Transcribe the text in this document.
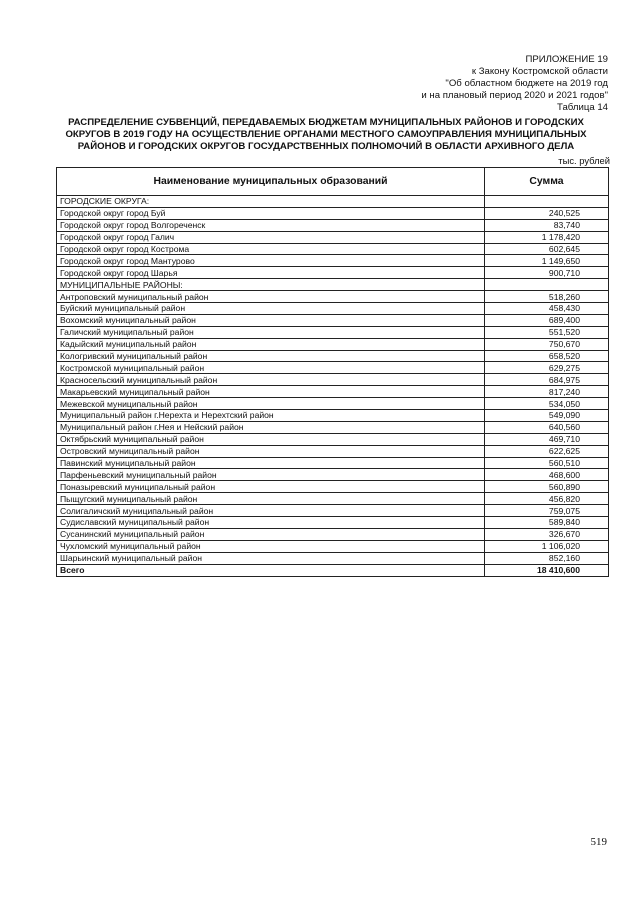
ПРИЛОЖЕНИЕ 19
к Закону Костромской области
"Об областном бюджете на 2019 год
и на плановый период 2020 и 2021 годов"
Таблица 14
РАСПРЕДЕЛЕНИЕ СУБВЕНЦИЙ, ПЕРЕДАВАЕМЫХ БЮДЖЕТАМ МУНИЦИПАЛЬНЫХ РАЙОНОВ И ГОРОДСКИХ
ОКРУГОВ В 2019 ГОДУ НА ОСУЩЕСТВЛЕНИЕ ОРГАНАМИ МЕСТНОГО САМОУПРАВЛЕНИЯ МУНИЦИПАЛЬНЫХ
РАЙОНОВ И ГОРОДСКИХ ОКРУГОВ ГОСУДАРСТВЕННЫХ ПОЛНОМОЧИЙ В ОБЛАСТИ АРХИВНОГО ДЕЛА
тыс. рублей
Наименование муниципальных образований	Сумма
ГОРОДСКИЕ ОКРУГА:	
Городской округ город Буй	240,525
Городской округ город Волгореченск	83,740
Городской округ город Галич	1 178,420
Городской округ город Кострома	602,645
Городской округ город Мантурово	1 149,650
Городской округ город Шарья	900,710
МУНИЦИПАЛЬНЫЕ РАЙОНЫ:	
Антроповский муниципальный район	518,260
Буйский муниципальный район	458,430
Вохомский муниципальный район	689,400
Галичский муниципальный район	551,520
Кадыйский муниципальный район	750,670
Кологривский муниципальный район	658,520
Костромской муниципальный район	629,275
Красносельский муниципальный район	684,975
Макарьевский муниципальный район	817,240
Межевской муниципальный район	534,050
Муниципальный район г.Нерехта и Нерехтский район	549,090
Муниципальный район г.Нея и Нейский район	640,560
Октябрьский муниципальный район	469,710
Островский муниципальный район	622,625
Павинский муниципальный район	560,510
Парфеньевский муниципальный район	468,600
Поназыревский муниципальный район	560,890
Пыщугский муниципальный район	456,820
Солигаличский муниципальный район	759,075
Судиславский муниципальный район	589,840
Сусанинский муниципальный район	326,670
Чухломский муниципальный район	1 106,020
Шарьинский муниципальный район	852,160
Всего	18 410,600
519
